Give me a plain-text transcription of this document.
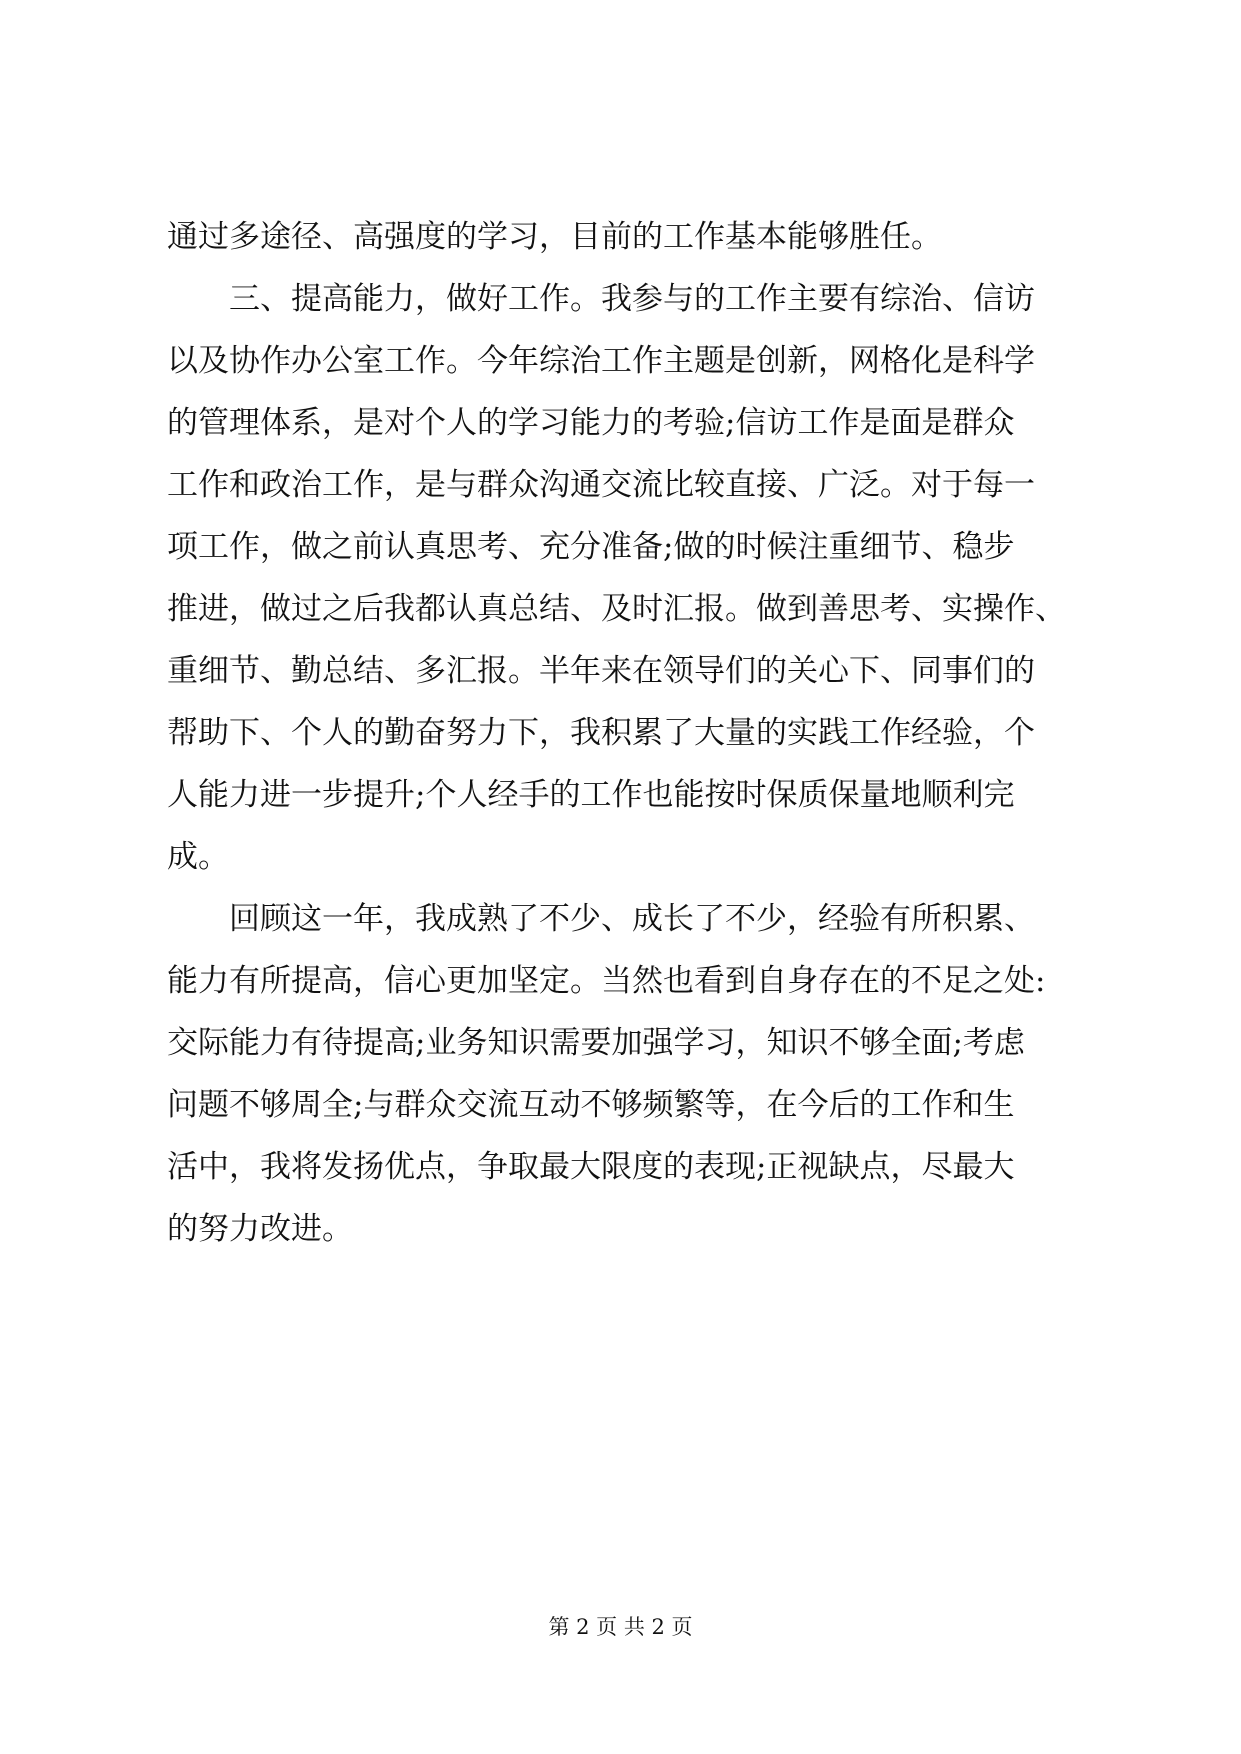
通过多途径、高强度的学习，目前的工作基本能够胜任。
三、提高能力，做好工作。我参与的工作主要有综治、信访
以及协作办公室工作。今年综治工作主题是创新，网格化是科学
的管理体系，是对个人的学习能力的考验;信访工作是面是群众
工作和政治工作，是与群众沟通交流比较直接、广泛。对于每一
项工作，做之前认真思考、充分准备;做的时候注重细节、稳步
推进，做过之后我都认真总结、及时汇报。做到善思考、实操作、
重细节、勤总结、多汇报。半年来在领导们的关心下、同事们的
帮助下、个人的勤奋努力下，我积累了大量的实践工作经验，个
人能力进一步提升;个人经手的工作也能按时保质保量地顺利完
成。
回顾这一年，我成熟了不少、成长了不少，经验有所积累、
能力有所提高，信心更加坚定。当然也看到自身存在的不足之处:
交际能力有待提高;业务知识需要加强学习，知识不够全面;考虑
问题不够周全;与群众交流互动不够频繁等，在今后的工作和生
活中，我将发扬优点，争取最大限度的表现;正视缺点，尽最大
的努力改进。
第 2 页 共 2 页
